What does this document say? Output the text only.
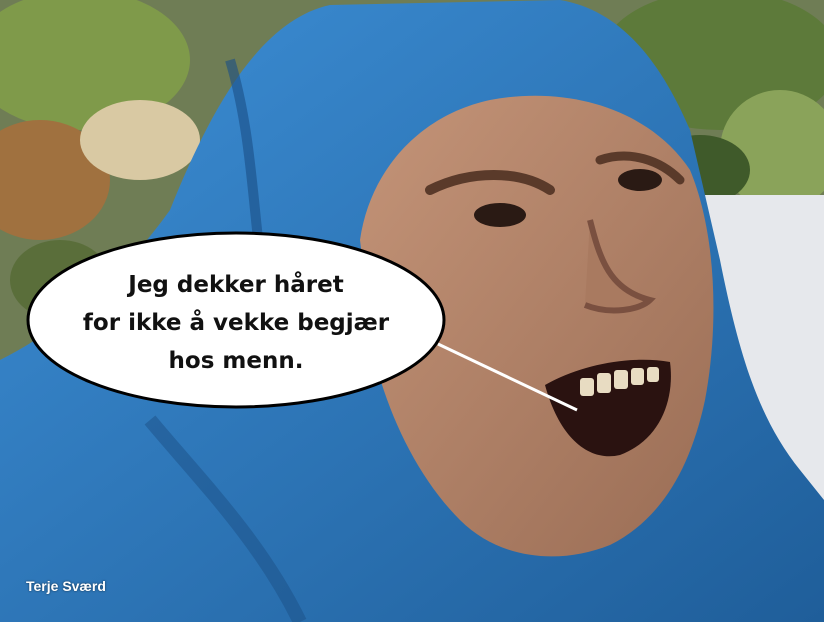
Jeg dekker håret
for ikke å vekke begjær
hos menn.
Terje Sværd
